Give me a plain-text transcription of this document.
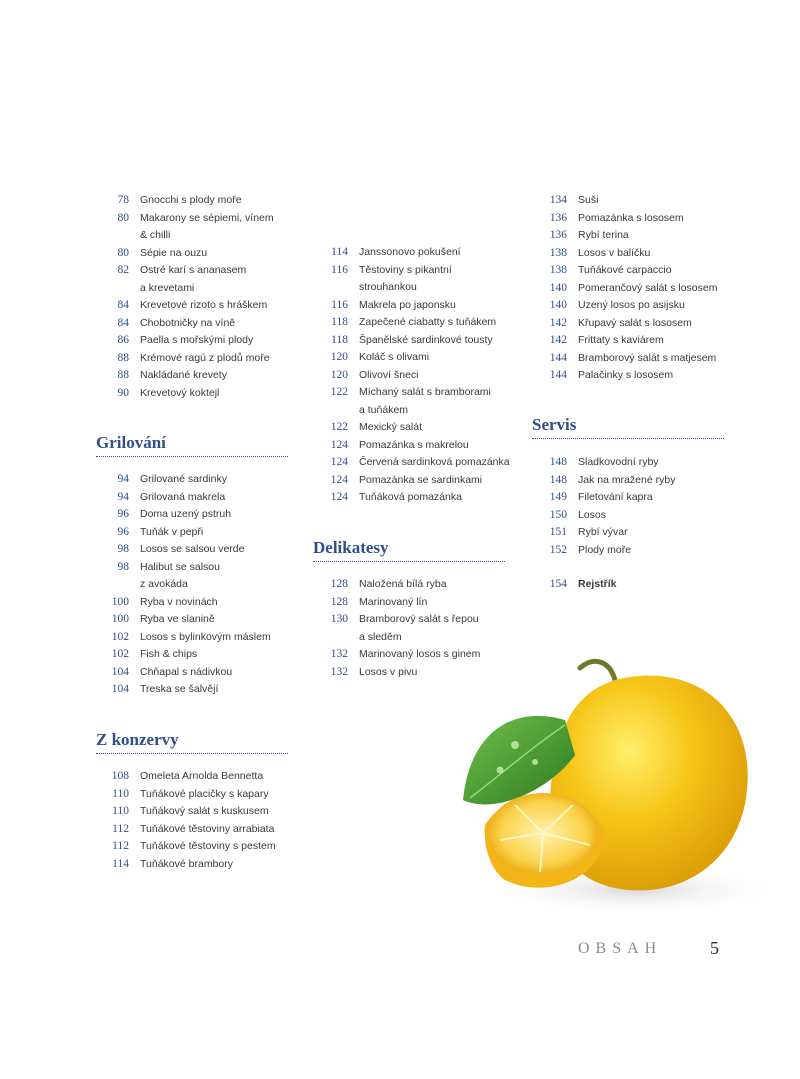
78	Gnocchi s plody moře
80	Makarony se sépiemi, vínem
& chilli
80	Sépie na ouzu
82	Ostré karí s ananasem
a krevetami
84	Krevetové rizoto s hráškem
84	Chobotničky na víně
86	Paella s mořskými plody
88	Krémové ragú z plodů moře
88	Nakládané krevety
90	Krevetový koktejl
Grilování
94	Grilované sardinky
94	Grilovaná makrela
96	Doma uzený pstruh
96	Tuňák v pepři
98	Losos se salsou verde
98	Halibut se salsou
z avokáda
100	Ryba v novinách
100	Ryba ve slanině
102	Losos s bylinkovým máslem
102	Fish & chips
104	Chňapal s nádivkou
104	Treska se šalvějí
Z konzervy
108	Omeleta Arnolda Bennetta
110	Tuňákové placičky s kapary
110	Tuňákový salát s kuskusem
112	Tuňákové těstoviny arrabiata
112	Tuňákové těstoviny s pestem
114	Tuňákové brambory
114	Janssonovo pokušení
116	Těstoviny s pikantní
strouhankou
116	Makrela po japonsku
118	Zapečené ciabatty s tuňákem
118	Španělské sardinkové tousty
120	Koláč s olivami
120	Olivoví šneci
122	Míchaný salát s bramborami
a tuňákem
122	Mexický salát
124	Pomazánka s makrelou
124	Červená sardinková pomazánka
124	Pomazánka se sardinkami
124	Tuňáková pomazánka
Delikatesy
128	Naložená bílá ryba
128	Marinovaný lín
130	Bramborový salát s řepou
a sleděm
132	Marinovaný losos s ginem
132	Losos v pivu
134	Suši
136	Pomazánka s lososem
136	Rybí terina
138	Losos v balíčku
138	Tuňákové carpaccio
140	Pomerančový salát s lososem
140	Uzený losos po asijsku
142	Křupavý salát s lososem
142	Frittaty s kaviárem
144	Bramborový salát s matjesem
144	Palačinky s lososem
Servis
148	Sladkovodní ryby
148	Jak na mražené ryby
149	Filetování kapra
150	Losos
151	Rybí vývar
152	Plody moře
154	Rejstřík
OBSAH	5
